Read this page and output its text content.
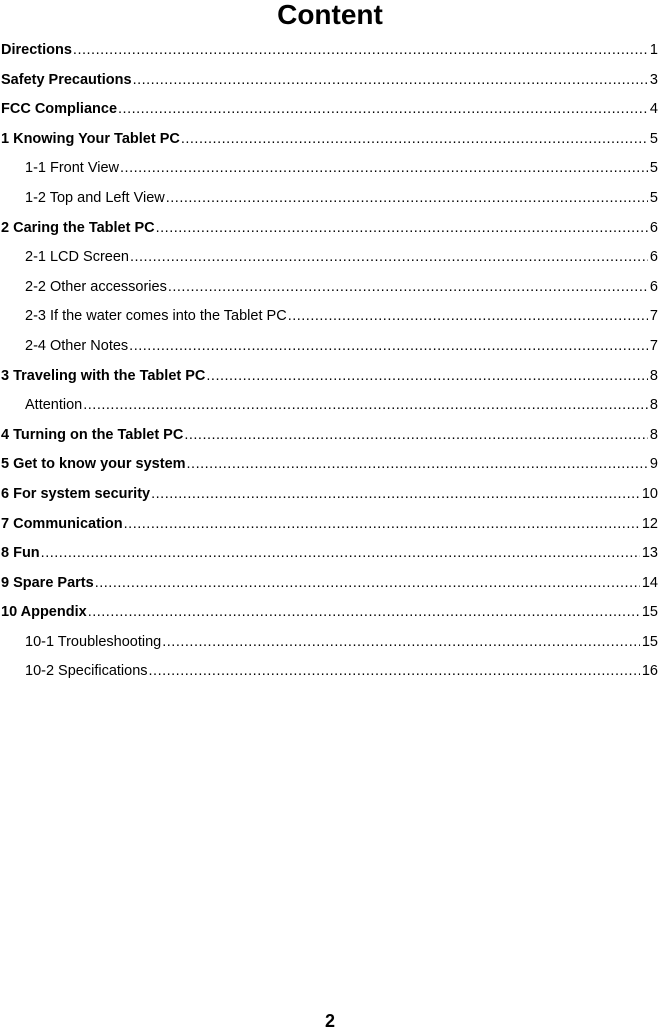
Content
Directions .....	1
Safety Precautions .....	3
FCC Compliance .....	4
1 Knowing Your Tablet PC .....	5
1-1 Front View .....	5
1-2 Top and Left View .....	5
2 Caring the Tablet PC .....	6
2-1 LCD Screen .....	6
2-2 Other accessories .....	6
2-3 If the water comes into the Tablet PC .....	7
2-4 Other Notes .....	7
3 Traveling with the Tablet PC .....	8
Attention .....	8
4 Turning on the Tablet PC .....	8
5 Get to know your system .....	9
6 For system security .....	10
7 Communication .....	12
8 Fun .....	13
9 Spare Parts .....	14
10 Appendix .....	15
10-1 Troubleshooting .....	15
10-2 Specifications .....	16
2
